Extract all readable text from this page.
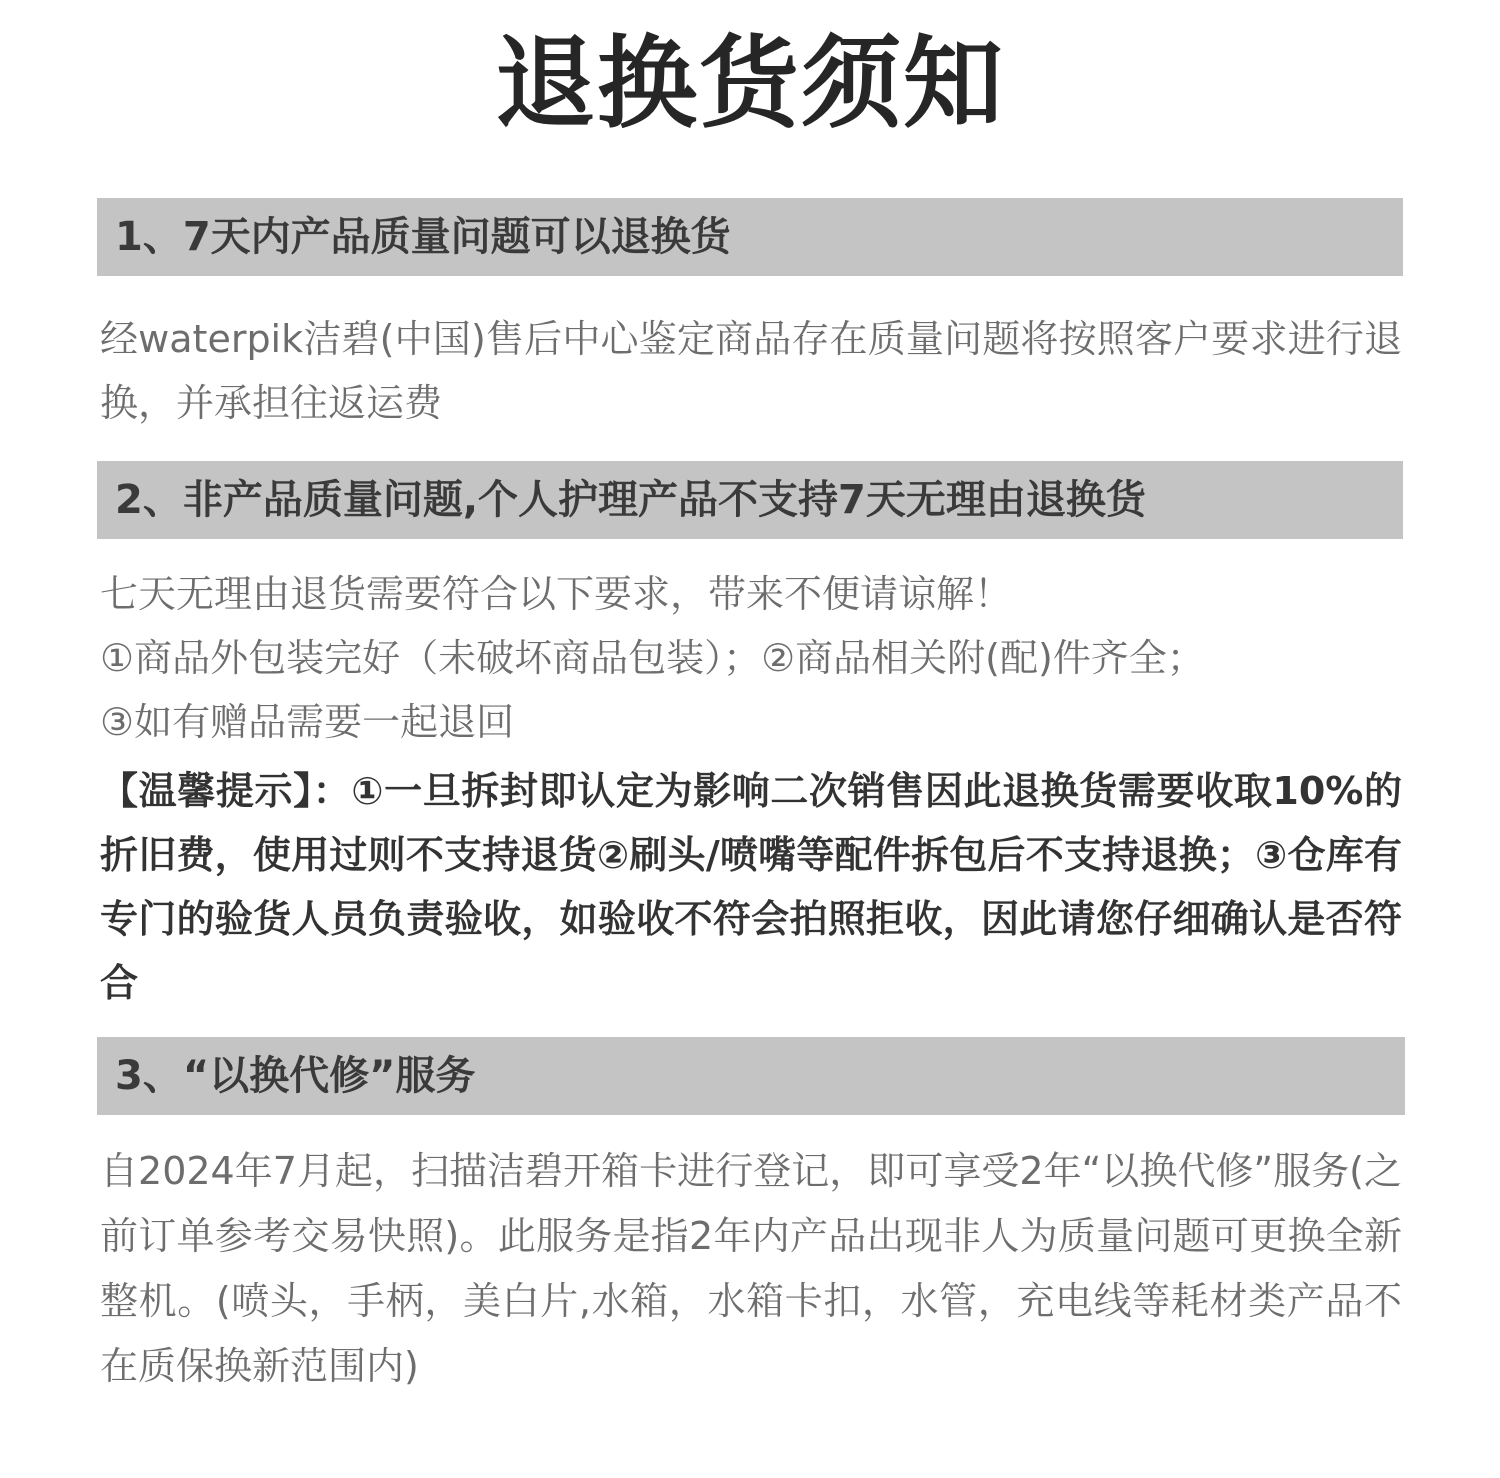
退换货须知
1、7天内产品质量问题可以退换货
经waterpik洁碧(中国)售后中心鉴定商品存在质量问题将按照客户要求进行退换，并承担往返运费
2、非产品质量问题,个人护理产品不支持7天无理由退换货
七天无理由退货需要符合以下要求，带来不便请谅解！
①商品外包装完好（未破坏商品包装）；②商品相关附(配)件齐全；
③如有赠品需要一起退回
【温馨提示】：①一旦拆封即认定为影响二次销售因此退换货需要收取10%的折旧费，使用过则不支持退货②刷头/喷嘴等配件拆包后不支持退换；③仓库有专门的验货人员负责验收，如验收不符会拍照拒收，因此请您仔细确认是否符合
3、“以换代修”服务
自2024年7月起，扫描洁碧开箱卡进行登记，即可享受2年“以换代修”服务(之前订单参考交易快照)。此服务是指2年内产品出现非人为质量问题可更换全新整机。(喷头，手柄，美白片,水箱，水箱卡扣，水管，充电线等耗材类产品不在质保换新范围内)
